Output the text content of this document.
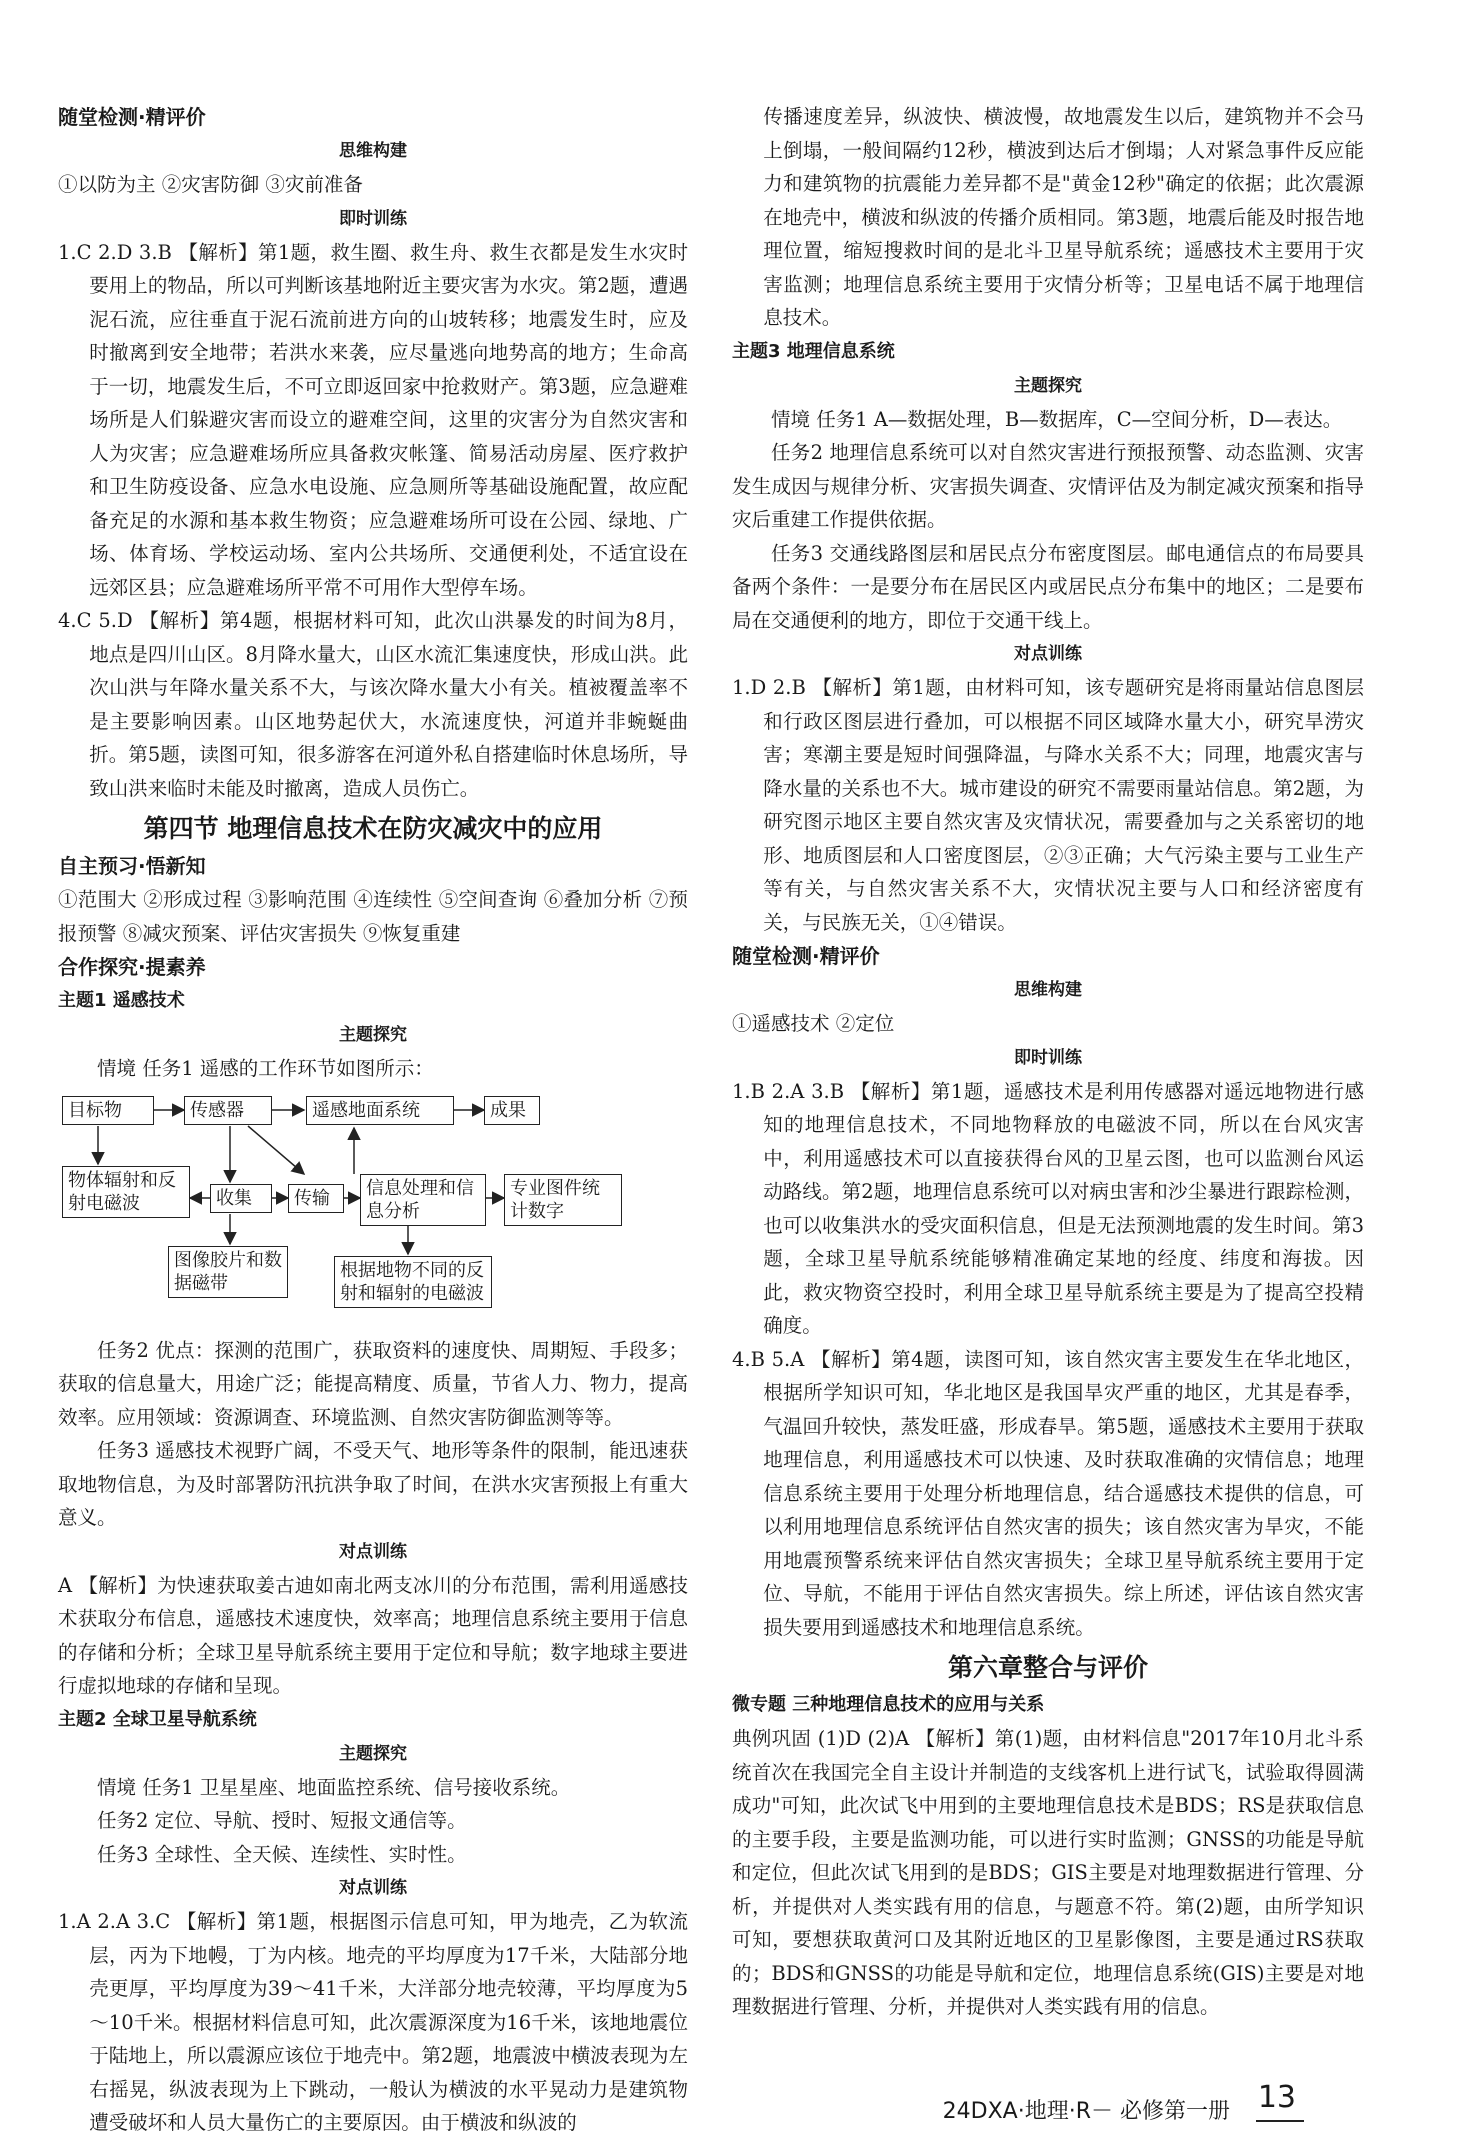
随堂检测·精评价

思维构建

①以防为主 ②灾害防御 ③灾前准备

即时训练

1.C 2.D 3.B 【解析】第1题，救生圈、救生舟、救生衣都是发生水灾时要用上的物品，所以可判断该基地附近主要灾害为水灾。第2题，遭遇泥石流，应往垂直于泥石流前进方向的山坡转移；地震发生时，应及时撤离到安全地带；若洪水来袭，应尽量逃向地势高的地方；生命高于一切，地震发生后，不可立即返回家中抢救财产。第3题，应急避难场所是人们躲避灾害而设立的避难空间，这里的灾害分为自然灾害和人为灾害；应急避难场所应具备救灾帐篷、简易活动房屋、医疗救护和卫生防疫设备、应急水电设施、应急厕所等基础设施配置，故应配备充足的水源和基本救生物资；应急避难场所可设在公园、绿地、广场、体育场、学校运动场、室内公共场所、交通便利处，不适宜设在远郊区县；应急避难场所平常不可用作大型停车场。

4.C 5.D 【解析】第4题，根据材料可知，此次山洪暴发的时间为8月，地点是四川山区。8月降水量大，山区水流汇集速度快，形成山洪。此次山洪与年降水量关系不大，与该次降水量大小有关。植被覆盖率不是主要影响因素。山区地势起伏大，水流速度快，河道并非蜿蜒曲折。第5题，读图可知，很多游客在河道外私自搭建临时休息场所，导致山洪来临时未能及时撤离，造成人员伤亡。

第四节 地理信息技术在防灾减灾中的应用

自主预习·悟新知

①范围大 ②形成过程 ③影响范围 ④连续性 ⑤空间查询 ⑥叠加分析 ⑦预报预警 ⑧减灾预案、评估灾害损失 ⑨恢复重建

合作探究·提素养

主题1 遥感技术

主题探究

情境 任务1 遥感的工作环节如图所示：

目标物	传感器	遥感地面系统	成果
物体辐射和反射电磁波	收集	传输	信息处理和信息分析
专业图件统计数字
图像胶片和数据磁带
根据地物不同的反射和辐射的电磁波

任务2 优点：探测的范围广，获取资料的速度快、周期短、手段多；获取的信息量大，用途广泛；能提高精度、质量，节省人力、物力，提高效率。应用领域：资源调查、环境监测、自然灾害防御监测等等。

任务3 遥感技术视野广阔，不受天气、地形等条件的限制，能迅速获取地物信息，为及时部署防汛抗洪争取了时间，在洪水灾害预报上有重大意义。

对点训练

A 【解析】为快速获取姜古迪如南北两支冰川的分布范围，需利用遥感技术获取分布信息，遥感技术速度快，效率高；地理信息系统主要用于信息的存储和分析；全球卫星导航系统主要用于定位和导航；数字地球主要进行虚拟地球的存储和呈现。

主题2 全球卫星导航系统

主题探究

情境 任务1 卫星星座、地面监控系统、信号接收系统。

任务2 定位、导航、授时、短报文通信等。

任务3 全球性、全天候、连续性、实时性。

对点训练

1.A 2.A 3.C 【解析】第1题，根据图示信息可知，甲为地壳，乙为软流层，丙为下地幔，丁为内核。地壳的平均厚度为17千米，大陆部分地壳更厚，平均厚度为39～41千米，大洋部分地壳较薄，平均厚度为5～10千米。根据材料信息可知，此次震源深度为16千米，该地地震位于陆地上，所以震源应该位于地壳中。第2题，地震波中横波表现为左右摇晃，纵波表现为上下跳动，一般认为横波的水平晃动力是建筑物遭受破坏和人员大量伤亡的主要原因。由于横波和纵波的

传播速度差异，纵波快、横波慢，故地震发生以后，建筑物并不会马上倒塌，一般间隔约12秒，横波到达后才倒塌；人对紧急事件反应能力和建筑物的抗震能力差异都不是"黄金12秒"确定的依据；此次震源在地壳中，横波和纵波的传播介质相同。第3题，地震后能及时报告地理位置，缩短搜救时间的是北斗卫星导航系统；遥感技术主要用于灾害监测；地理信息系统主要用于灾情分析等；卫星电话不属于地理信息技术。

主题3 地理信息系统

主题探究

情境 任务1 A—数据处理，B—数据库，C—空间分析，D—表达。

任务2 地理信息系统可以对自然灾害进行预报预警、动态监测、灾害发生成因与规律分析、灾害损失调查、灾情评估及为制定减灾预案和指导灾后重建工作提供依据。

任务3 交通线路图层和居民点分布密度图层。邮电通信点的布局要具备两个条件：一是要分布在居民区内或居民点分布集中的地区；二是要布局在交通便利的地方，即位于交通干线上。

对点训练

1.D 2.B 【解析】第1题，由材料可知，该专题研究是将雨量站信息图层和行政区图层进行叠加，可以根据不同区域降水量大小，研究旱涝灾害；寒潮主要是短时间强降温，与降水关系不大；同理，地震灾害与降水量的关系也不大。城市建设的研究不需要雨量站信息。第2题，为研究图示地区主要自然灾害及灾情状况，需要叠加与之关系密切的地形、地质图层和人口密度图层，②③正确；大气污染主要与工业生产等有关，与自然灾害关系不大，灾情状况主要与人口和经济密度有关，与民族无关，①④错误。

随堂检测·精评价

思维构建

①遥感技术 ②定位

即时训练

1.B 2.A 3.B 【解析】第1题，遥感技术是利用传感器对遥远地物进行感知的地理信息技术，不同地物释放的电磁波不同，所以在台风灾害中，利用遥感技术可以直接获得台风的卫星云图，也可以监测台风运动路线。第2题，地理信息系统可以对病虫害和沙尘暴进行跟踪检测，也可以收集洪水的受灾面积信息，但是无法预测地震的发生时间。第3题，全球卫星导航系统能够精准确定某地的经度、纬度和海拔。因此，救灾物资空投时，利用全球卫星导航系统主要是为了提高空投精确度。

4.B 5.A 【解析】第4题，读图可知，该自然灾害主要发生在华北地区，根据所学知识可知，华北地区是我国旱灾严重的地区，尤其是春季，气温回升较快，蒸发旺盛，形成春旱。第5题，遥感技术主要用于获取地理信息，利用遥感技术可以快速、及时获取准确的灾情信息；地理信息系统主要用于处理分析地理信息，结合遥感技术提供的信息，可以利用地理信息系统评估自然灾害的损失；该自然灾害为旱灾，不能用地震预警系统来评估自然灾害损失；全球卫星导航系统主要用于定位、导航，不能用于评估自然灾害损失。综上所述，评估该自然灾害损失要用到遥感技术和地理信息系统。

第六章整合与评价

微专题 三种地理信息技术的应用与关系

典例巩固 (1)D (2)A 【解析】第(1)题，由材料信息"2017年10月北斗系统首次在我国完全自主设计并制造的支线客机上进行试飞，试验取得圆满成功"可知，此次试飞中用到的主要地理信息技术是BDS；RS是获取信息的主要手段，主要是监测功能，可以进行实时监测；GNSS的功能是导航和定位，但此次试飞用到的是BDS；GIS主要是对地理数据进行管理、分析，并提供对人类实践有用的信息，与题意不符。第(2)题，由所学知识可知，要想获取黄河口及其附近地区的卫星影像图，主要是通过RS获取的；BDS和GNSS的功能是导航和定位，地理信息系统(GIS)主要是对地理数据进行管理、分析，并提供对人类实践有用的信息。

24DXA·地理·R－ 必修第一册 13
